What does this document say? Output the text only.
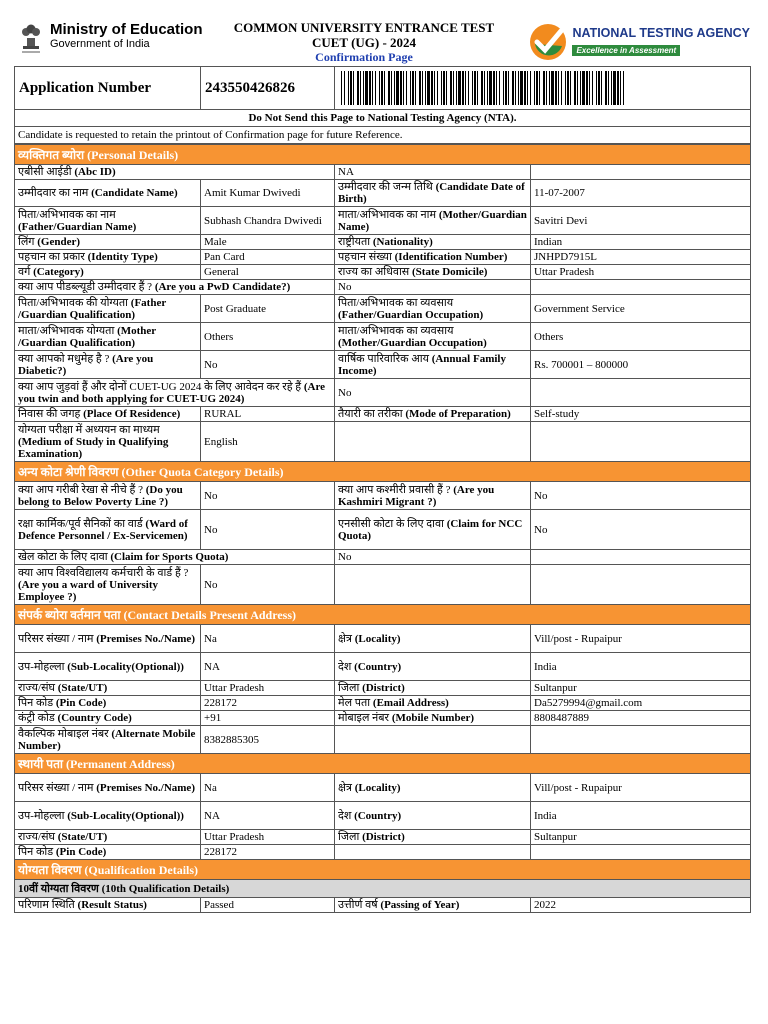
Ministry of Education
Government of India
COMMON UNIVERSITY ENTRANCE TEST
CUET (UG) - 2024
Confirmation Page
NATIONAL TESTING AGENCY
Excellence in Assessment
Application Number	243550426826	

Do Not Send this Page to National Testing Agency (NTA).
Candidate is requested to retain the printout of Confirmation page for future Reference.
व्यक्तिगत ब्योरा (Personal Details)			
एबीसी आईडी (Abc ID)		NA	
उम्मीदवार का नाम (Candidate Name)	Amit Kumar Dwivedi	उम्मीदवार की जन्म तिथि (Candidate Date of Birth)	11-07-2007
पिता/अभिभावक का नाम (Father/Guardian Name)	Subhash Chandra Dwivedi	माता/अभिभावक का नाम (Mother/Guardian Name)	Savitri Devi
लिंग (Gender)	Male	राष्ट्रीयता (Nationality)	Indian
पहचान का प्रकार (Identity Type)	Pan Card	पहचान संख्या (Identification Number)	JNHPD7915L
वर्ग (Category)	General	राज्य का अधिवास (State Domicile)	Uttar Pradesh
क्या आप पीडब्ल्यूडी उम्मीदवार हैं ? (Are you a PwD Candidate?)		No	
पिता/अभिभावक की योग्यता (Father /Guardian Qualification)	Post Graduate	पिता/अभिभावक का व्यवसाय (Father/Guardian Occupation)	Government Service
माता/अभिभावक योग्यता (Mother /Guardian Qualification)	Others	माता/अभिभावक का व्यवसाय (Mother/Guardian Occupation)	Others
क्या आपको मधुमेह है ? (Are you Diabetic?)	No	वार्षिक पारिवारिक आय (Annual Family Income)	Rs. 700001 – 800000
क्या आप जुड़वां हैं और दोनों CUET-UG 2024 के लिए आवेदन कर रहे हैं (Are you twin and both applying for CUET-UG 2024)		No	
निवास की जगह (Place Of Residence)	RURAL	तैयारी का तरीका (Mode of Preparation)	Self-study
योग्यता परीक्षा में अध्ययन का माध्यम (Medium of Study in Qualifying Examination)	English		
अन्य कोटा श्रेणी विवरण (Other Quota Category Details)			
क्या आप गरीबी रेखा से नीचे हैं ? (Do you belong to Below Poverty Line ?)	No	क्या आप कश्मीरी प्रवासी हैं ? (Are you Kashmiri Migrant ?)	No
रक्षा कार्मिक/पूर्व सैनिकों का वार्ड (Ward of Defence Personnel / Ex-Servicemen)	No	एनसीसी कोटा के लिए दावा (Claim for NCC Quota)	No
खेल कोटा के लिए दावा (Claim for Sports Quota)		No	
क्या आप विश्वविद्यालय कर्मचारी के वार्ड हैं ? (Are you a ward of University Employee ?)	No		
संपर्क ब्योरा वर्तमान पता (Contact Details Present Address)			
परिसर संख्या / नाम (Premises No./Name)	Na	क्षेत्र (Locality)	Vill/post - Rupaipur
उप-मोहल्ला (Sub-Locality(Optional))	NA	देश (Country)	India
राज्य/संघ (State/UT)	Uttar Pradesh	जिला (District)	Sultanpur
पिन कोड (Pin Code)	228172	मेल पता (Email Address)	Da5279994@gmail.com
कंट्री कोड (Country Code)	+91	मोबाइल नंबर (Mobile Number)	8808487889
वैकल्पिक मोबाइल नंबर (Alternate Mobile Number)	8382885305		
स्थायी पता (Permanent Address)			
परिसर संख्या / नाम (Premises No./Name)	Na	क्षेत्र (Locality)	Vill/post - Rupaipur
उप-मोहल्ला (Sub-Locality(Optional))	NA	देश (Country)	India
राज्य/संघ (State/UT)	Uttar Pradesh	जिला (District)	Sultanpur
पिन कोड (Pin Code)	228172		
योग्यता विवरण (Qualification Details)			
10वीं योग्यता विवरण (10th Qualification Details)			
परिणाम स्थिति (Result Status)	Passed	उत्तीर्ण वर्ष (Passing of Year)	2022
